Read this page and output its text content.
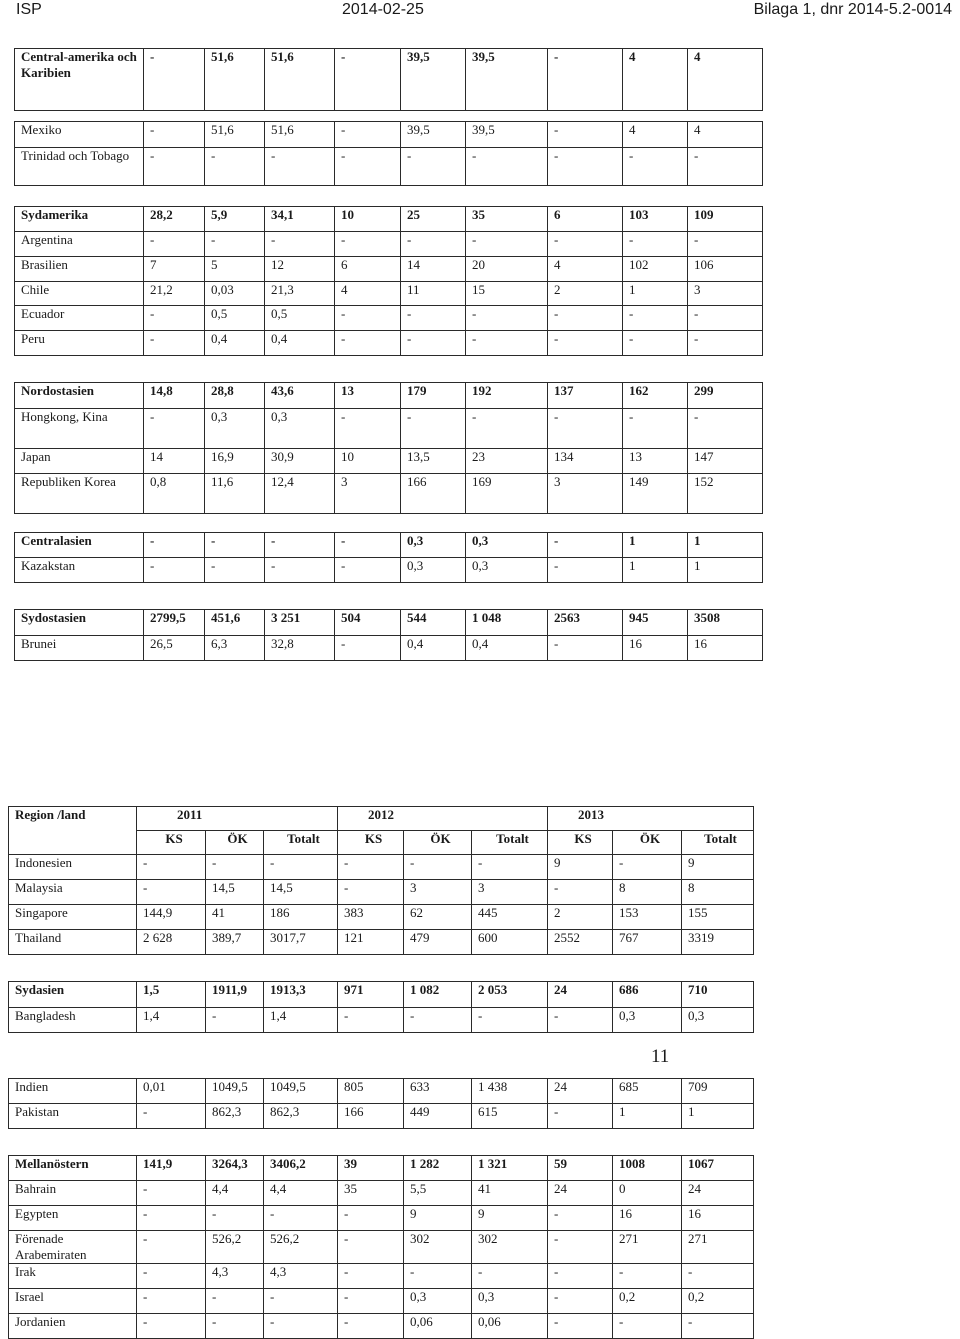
ISP	2014-02-25	Bilaga 1, dnr 2014-5.2-0014
Central-amerika och Karibien	-	51,6	51,6	-	39,5	39,5	-	4	4

Mexiko	-	51,6	51,6	-	39,5	39,5	-	4	4
Trinidad och Tobago	-	-	-	-	-	-	-	-	-

Sydamerika	28,2	5,9	34,1	10	25	35	6	103	109
Argentina	-	-	-	-	-	-	-	-	-
Brasilien	7	5	12	6	14	20	4	102	106
Chile	21,2	0,03	21,3	4	11	15	2	1	3
Ecuador	-	0,5	0,5	-	-	-	-	-	-
Peru	-	0,4	0,4	-	-	-	-	-	-

Nordostasien	14,8	28,8	43,6	13	179	192	137	162	299
Hongkong, Kina	-	0,3	0,3	-	-	-	-	-	-
Japan	14	16,9	30,9	10	13,5	23	134	13	147
Republiken Korea	0,8	11,6	12,4	3	166	169	3	149	152

Centralasien	-	-	-	-	0,3	0,3	-	1	1
Kazakstan	-	-	-	-	0,3	0,3	-	1	1

Sydostasien	2799,5	451,6	3 251	504	544	1 048	2563	945	3508
Brunei	26,5	6,3	32,8	-	0,4	0,4	-	16	16
Region /land	2011			2012			2013		
	KS	ÖK	Totalt	KS	ÖK	Totalt	KS	ÖK	Totalt
Indonesien	-	-	-	-	-	-	9	-	9
Malaysia	-	14,5	14,5	-	3	3	-	8	8
Singapore	144,9	41	186	383	62	445	2	153	155
Thailand	2 628	389,7	3017,7	121	479	600	2552	767	3319

Sydasien	1,5	1911,9	1913,3	971	1 082	2 053	24	686	710
Bangladesh	1,4	-	1,4	-	-	-	-	0,3	0,3

Indien	0,01	1049,5	1049,5	805	633	1 438	24	685	709
Pakistan	-	862,3	862,3	166	449	615	-	1	1

Mellanöstern	141,9	3264,3	3406,2	39	1 282	1 321	59	1008	1067
Bahrain	-	4,4	4,4	35	5,5	41	24	0	24
Egypten	-	-	-	-	9	9	-	16	16
Förenade Arabemiraten	-	526,2	526,2	-	302	302	-	271	271
Irak	-	4,3	4,3	-	-	-	-	-	-
Israel	-	-	-	-	0,3	0,3	-	0,2	0,2
Jordanien	-	-	-	-	0,06	0,06	-	-	-
11
